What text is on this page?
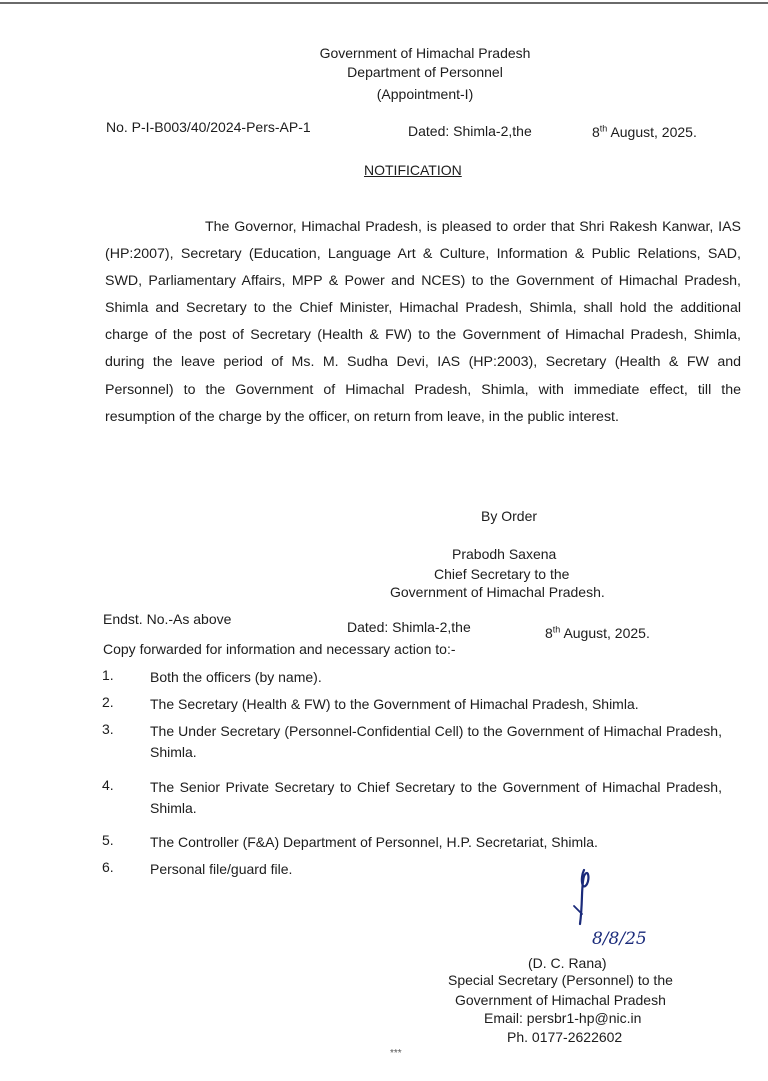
Government of Himachal Pradesh
Department of Personnel
(Appointment-I)
No. P-I-B003/40/2024-Pers-AP-1	Dated: Shimla-2,the	8th August, 2025.
NOTIFICATION

The Governor, Himachal Pradesh, is pleased to order that Shri Rakesh Kanwar, IAS (HP:2007), Secretary (Education, Language Art & Culture, Information & Public Relations, SAD, SWD, Parliamentary Affairs, MPP & Power and NCES) to the Government of Himachal Pradesh, Shimla and Secretary to the Chief Minister, Himachal Pradesh, Shimla, shall hold the additional charge of the post of Secretary (Health & FW) to the Government of Himachal Pradesh, Shimla, during the leave period of Ms. M. Sudha Devi, IAS (HP:2003), Secretary (Health & FW and Personnel) to the Government of Himachal Pradesh, Shimla, with immediate effect, till the resumption of the charge by the officer, on return from leave, in the public interest.

By Order
Prabodh Saxena
Chief Secretary to the
Government of Himachal Pradesh.
Endst. No.-As above	Dated: Shimla-2,the	8th August, 2025.
Copy forwarded for information and necessary action to:-
1.	Both the officers (by name).
2.	The Secretary (Health & FW) to the Government of Himachal Pradesh, Shimla.
3.	The Under Secretary (Personnel-Confidential Cell) to the Government of Himachal Pradesh, Shimla.
4.	The Senior Private Secretary to Chief Secretary to the Government of Himachal Pradesh, Shimla.
5.	The Controller (F&A) Department of Personnel, H.P. Secretariat, Shimla.
6.	Personal file/guard file.
8/8/25
(D. C. Rana)
Special Secretary (Personnel) to the
Government of Himachal Pradesh
Email: persbr1-hp@nic.in
Ph. 0177-2622602
***
